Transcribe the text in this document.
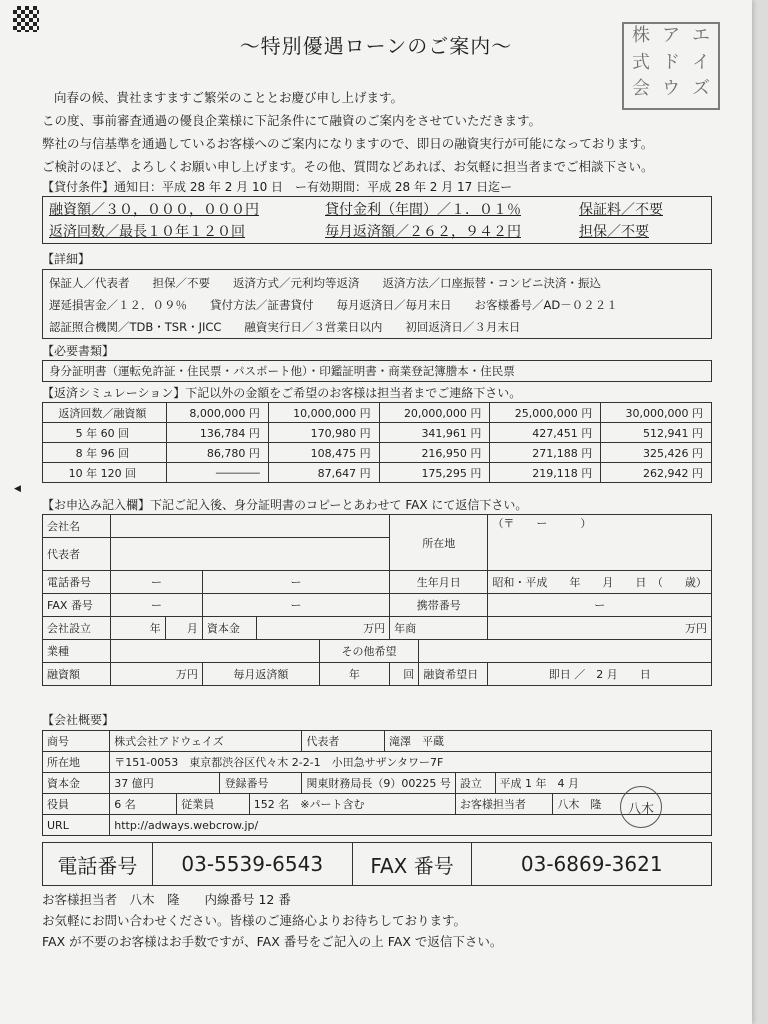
株 ア エ
式 ド イ
会 ウ ズ
〜特別優遇ローンのご案内〜
向春の候、貴社ますますご繁栄のこととお慶び申し上げます。
この度、事前審査通過の優良企業様に下記条件にて融資のご案内をさせていただきます。
弊社の与信基準を通過しているお客様へのご案内になりますので、即日の融資実行が可能になっております。
ご検討のほど、よろしくお願い申し上げます。その他、質問などあれば、お気軽に担当者までご相談下さい。
【貸付条件】通知日：平成 28 年 2 月 10 日　ー有効期間：平成 28 年 2 月 17 日迄ー
融資額／３０，０００，０００円	貸付金利（年間）／１．０１％	保証料／不要
返済回数／最長１０年１２０回	毎月返済額／２６２，９４２円	担保／不要
【詳細】
保証人／代表者　　担保／不要　　返済方式／元利均等返済　　返済方法／口座振替・コンビニ決済・振込
遅延損害金／１２．０９％　　貸付方法／証書貸付　　毎月返済日／毎月末日　　お客様番号／AD－０２２１
認証照合機関／TDB・TSR・JICC　　融資実行日／３営業日以内　　初回返済日／３月末日
【必要書類】
身分証明書（運転免許証・住民票・パスポート他）・印鑑証明書・商業登記簿謄本・住民票
【返済シミュレーション】下記以外の金額をご希望のお客様は担当者までご連絡下さい。
返済回数／融資額	8,000,000 円	10,000,000 円	20,000,000 円	25,000,000 円	30,000,000 円
5 年 60 回	136,784 円	170,980 円	341,961 円	427,451 円	512,941 円
8 年 96 回	86,780 円	108,475 円	216,950 円	271,188 円	325,426 円
10 年 120 回	――――	87,647 円	175,295 円	219,118 円	262,942 円
◀
【お申込み記入欄】下記ご記入後、身分証明書のコピーとあわせて FAX にて返信下さい。
会社名						所在地		（〒　　ー　　　）
代表者								
電話番号	ー		ー			生年月日		昭和・平成　　年　　月　　日　（　　歳）
FAX 番号	ー		ー			携帯番号		ー
会社設立	年	月	資本金	万円		年商		万円
業種					その他希望			
融資額	万円		毎月返済額		年	回	融資希望日	即日 ／　2 月　　日
【会社概要】
商号	株式会社アドウェイズ				代表者	滝澤　平蔵			
所在地	〒151-0053　東京都渋谷区代々木 2-2-1　小田急サザンタワー7F								
資本金	37 億円		登録番号		関東財務局長（9）00225 号		設立	平成 1 年　4 月	
役員	6 名	従業員		152 名　※パート含む			お客様担当者		八木　隆
URL	http://adways.webcrow.jp/								
八木
電話番号	03-5539-6543	FAX 番号	03-6869-3621
お客様担当者　八木　隆　　内線番号 12 番
お気軽にお問い合わせください。皆様のご連絡心よりお待ちしております。
FAX が不要のお客様はお手数ですが、FAX 番号をご記入の上 FAX で返信下さい。
